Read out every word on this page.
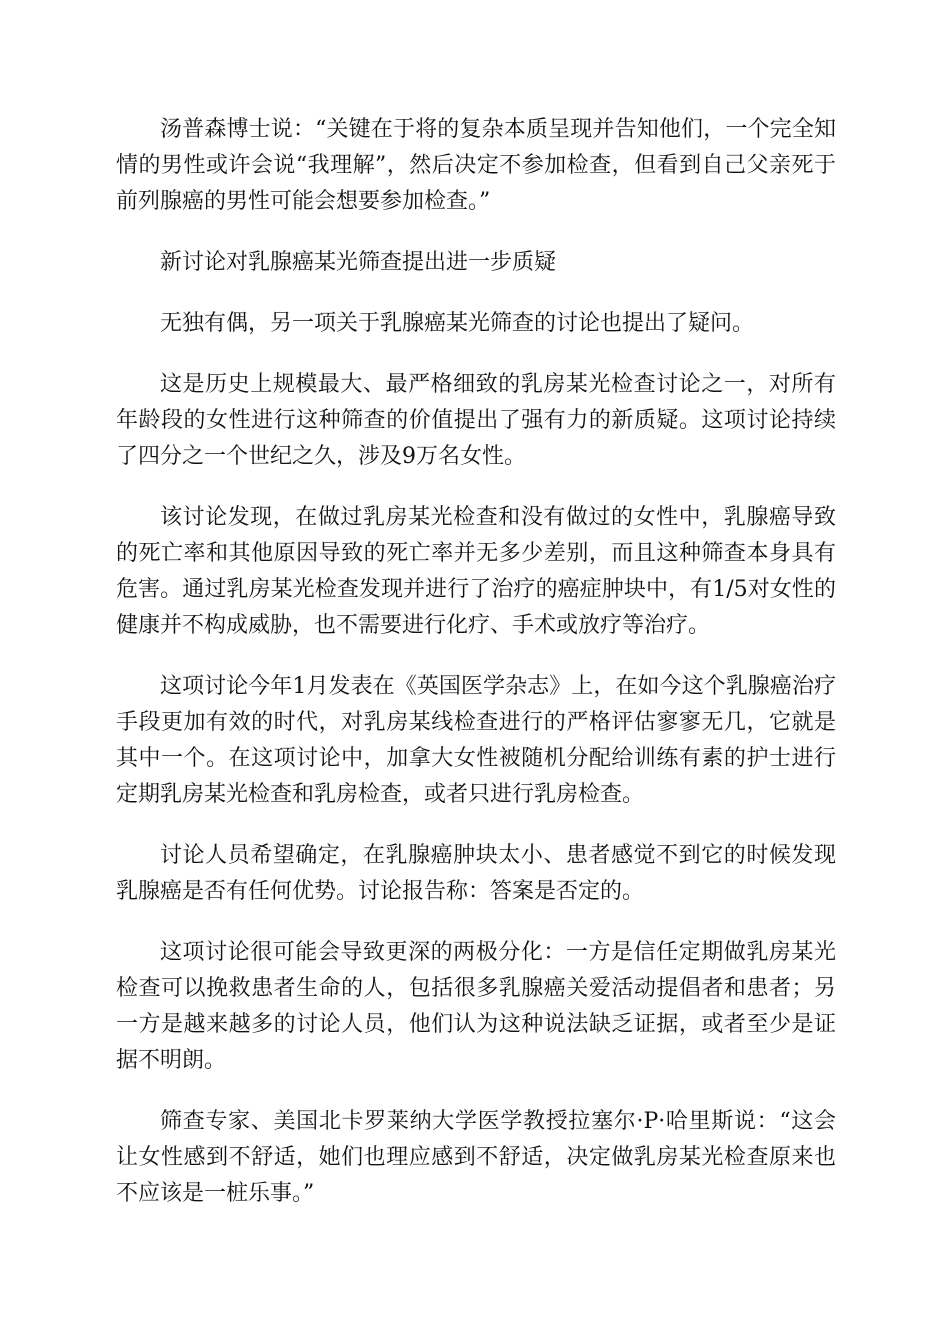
汤普森博士说：“关键在于将的复杂本质呈现并告知他们，一个完全知情的男性或许会说“我理解”，然后决定不参加检查，但看到自己父亲死于前列腺癌的男性可能会想要参加检查。”

新讨论对乳腺癌某光筛查提出进一步质疑

无独有偶，另一项关于乳腺癌某光筛查的讨论也提出了疑问。

这是历史上规模最大、最严格细致的乳房某光检查讨论之一，对所有年龄段的女性进行这种筛查的价值提出了强有力的新质疑。这项讨论持续了四分之一个世纪之久，涉及9万名女性。

该讨论发现，在做过乳房某光检查和没有做过的女性中，乳腺癌导致的死亡率和其他原因导致的死亡率并无多少差别，而且这种筛查本身具有危害。通过乳房某光检查发现并进行了治疗的癌症肿块中，有1/5对女性的健康并不构成威胁，也不需要进行化疗、手术或放疗等治疗。

这项讨论今年1月发表在《英国医学杂志》上，在如今这个乳腺癌治疗手段更加有效的时代，对乳房某线检查进行的严格评估寥寥无几，它就是其中一个。在这项讨论中，加拿大女性被随机分配给训练有素的护士进行定期乳房某光检查和乳房检查，或者只进行乳房检查。

讨论人员希望确定，在乳腺癌肿块太小、患者感觉不到它的时候发现乳腺癌是否有任何优势。讨论报告称：答案是否定的。

这项讨论很可能会导致更深的两极分化：一方是信任定期做乳房某光检查可以挽救患者生命的人，包括很多乳腺癌关爱活动提倡者和患者；另一方是越来越多的讨论人员，他们认为这种说法缺乏证据，或者至少是证据不明朗。

筛查专家、美国北卡罗莱纳大学医学教授拉塞尔·P·哈里斯说：“这会让女性感到不舒适，她们也理应感到不舒适，决定做乳房某光检查原来也不应该是一桩乐事。”
